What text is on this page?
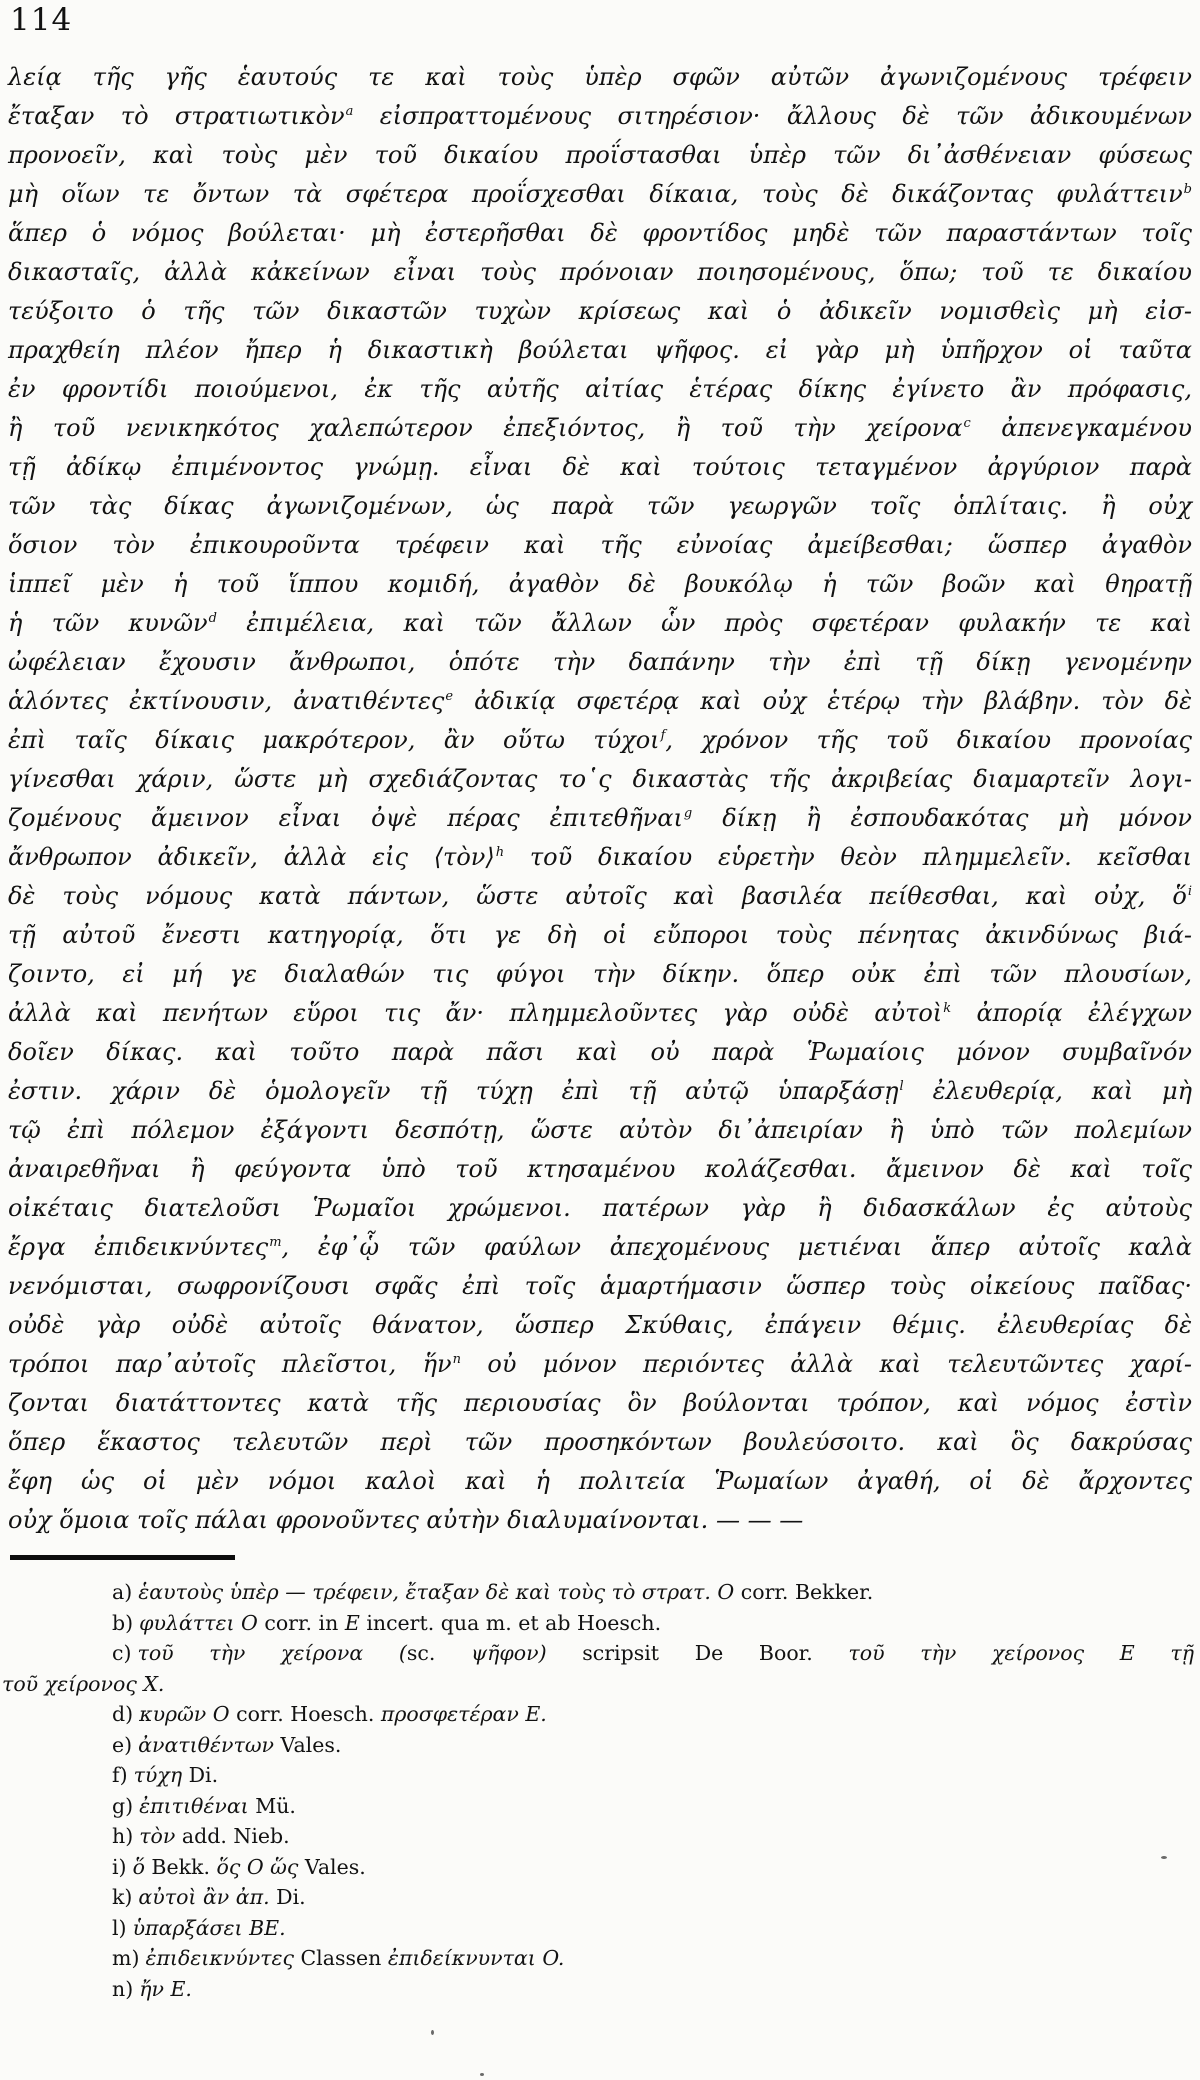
114
λείᾳ τῆς γῆς ἑαυτούς τε καὶ τοὺς ὑπὲρ σφῶν αὐτῶν ἀγωνιζομένους τρέφειν
ἔταξαν τὸ στρατιωτικὸν$^a$ εἰσπραττομένους σιτηρέσιον· ἄλλους δὲ τῶν ἀδικουμένων
προνοεῖν, καὶ τοὺς μὲν τοῦ δικαίου προΐστασθαι ὑπὲρ τῶν δι᾽ἀσθένειαν φύσεως
μὴ οἵων τε ὄντων τὰ σφέτερα προΐσχεσθαι δίκαια, τοὺς δὲ δικάζοντας φυλάττειν$^b$
ἅπερ ὁ νόμος βούλεται· μὴ ἐστερῆσθαι δὲ φροντίδος μηδὲ τῶν παραστάντων τοῖς
δικασταῖς, ἀλλὰ κἀκείνων εἶναι τοὺς πρόνοιαν ποιησομένους, ὅπω; τοῦ τε δικαίου
τεύξοιτο ὁ τῆς τῶν δικαστῶν τυχὼν κρίσεως καὶ ὁ ἀδικεῖν νομισθεὶς μὴ εἰσ-
πραχθείη πλέον ἤπερ ἡ δικαστικὴ βούλεται ψῆφος. εἰ γὰρ μὴ ὑπῆρχον οἱ ταῦτα
ἐν φροντίδι ποιούμενοι, ἐκ τῆς αὐτῆς αἰτίας ἑτέρας δίκης ἐγίνετο ἂν πρόφασις,
ἢ τοῦ νενικηκότος χαλεπώτερον ἐπεξιόντος, ἢ τοῦ τὴν χείρονα$^c$ ἀπενεγκαμένου
τῇ ἀδίκῳ ἐπιμένοντος γνώμῃ. εἶναι δὲ καὶ τούτοις τεταγμένον ἀργύριον παρὰ
τῶν τὰς δίκας ἀγωνιζομένων, ὡς παρὰ τῶν γεωργῶν τοῖς ὁπλίταις. ἢ οὐχ
ὅσιον τὸν ἐπικουροῦντα τρέφειν καὶ τῆς εὐνοίας ἀμείβεσθαι; ὥσπερ ἀγαθὸν
ἱππεῖ μὲν ἡ τοῦ ἵππου κομιδή, ἀγαθὸν δὲ βουκόλῳ ἡ τῶν βοῶν καὶ θηρατῇ
ἡ τῶν κυνῶν$^d$ ἐπιμέλεια, καὶ τῶν ἄλλων ὧν πρὸς σφετέραν φυλακήν τε καὶ
ὠφέλειαν ἔχουσιν ἄνθρωποι, ὁπότε τὴν δαπάνην τὴν ἐπὶ τῇ δίκῃ γενομένην
ἁλόντες ἐκτίνουσιν, ἀνατιθέντες$^e$ ἀδικίᾳ σφετέρᾳ καὶ οὐχ ἑτέρῳ τὴν βλάβην. τὸν δὲ
ἐπὶ ταῖς δίκαις μακρότερον, ἂν οὕτω τύχοι$^f$, χρόνον τῆς τοῦ δικαίου προνοίας
γίνεσθαι χάριν, ὥστε μὴ σχεδιάζοντας το῾ς δικαστὰς τῆς ἀκριβείας διαμαρτεῖν λογι-
ζομένους ἄμεινον εἶναι ὀψὲ πέρας ἐπιτεθῆναι$^g$ δίκῃ ἢ ἐσπουδακότας μὴ μόνον
ἄνθρωπον ἀδικεῖν, ἀλλὰ εἰς ⟨τὸν⟩$^h$ τοῦ δικαίου εὑρετὴν θεὸν πλημμελεῖν. κεῖσθαι
δὲ τοὺς νόμους κατὰ πάντων, ὥστε αὐτοῖς καὶ βασιλέα πείθεσθαι, καὶ οὐχ, ὅ$^i$
τῇ αὐτοῦ ἔνεστι κατηγορίᾳ, ὅτι γε δὴ οἱ εὔποροι τοὺς πένητας ἀκινδύνως βιά-
ζοιντο, εἰ μή γε διαλαθών τις φύγοι τὴν δίκην. ὅπερ οὐκ ἐπὶ τῶν πλουσίων,
ἀλλὰ καὶ πενήτων εὕροι τις ἄν· πλημμελοῦντες γὰρ οὐδὲ αὐτοὶ$^k$ ἀπορίᾳ ἐλέγχων
δοῖεν δίκας. καὶ τοῦτο παρὰ πᾶσι καὶ οὐ παρὰ Ῥωμαίοις μόνον συμβαῖνόν
ἐστιν. χάριν δὲ ὁμολογεῖν τῇ τύχῃ ἐπὶ τῇ αὐτῷ ὑπαρξάσῃ$^l$ ἐλευθερίᾳ, καὶ μὴ
τῷ ἐπὶ πόλεμον ἐξάγοντι δεσπότῃ, ὥστε αὐτὸν δι᾽ἀπειρίαν ἢ ὑπὸ τῶν πολεμίων
ἀναιρεθῆναι ἢ φεύγοντα ὑπὸ τοῦ κτησαμένου κολάζεσθαι. ἄμεινον δὲ καὶ τοῖς
οἰκέταις διατελοῦσι Ῥωμαῖοι χρώμενοι. πατέρων γὰρ ἢ διδασκάλων ἐς αὐτοὺς
ἔργα ἐπιδεικνύντες$^m$, ἐφ᾽ᾧ τῶν φαύλων ἀπεχομένους μετιέναι ἅπερ αὐτοῖς καλὰ
νενόμισται, σωφρονίζουσι σφᾶς ἐπὶ τοῖς ἁμαρτήμασιν ὥσπερ τοὺς οἰκείους παῖδας·
οὐδὲ γὰρ οὐδὲ αὐτοῖς θάνατον, ὥσπερ Σκύθαις, ἐπάγειν θέμις. ἐλευθερίας δὲ
τρόποι παρ᾽αὐτοῖς πλεῖστοι, ἥν$^n$ οὐ μόνον περιόντες ἀλλὰ καὶ τελευτῶντες χαρί-
ζονται διατάττοντες κατὰ τῆς περιουσίας ὃν βούλονται τρόπον, καὶ νόμος ἐστὶν
ὅπερ ἕκαστος τελευτῶν περὶ τῶν προσηκόντων βουλεύσοιτο. καὶ ὃς δακρύσας
ἔφη ὡς οἱ μὲν νόμοι καλοὶ καὶ ἡ πολιτεία Ῥωμαίων ἀγαθή, οἱ δὲ ἄρχοντες
οὐχ ὅμοια τοῖς πάλαι φρονοῦντες αὐτὴν διαλυμαίνονται. — — —
a) ἑαυτοὺς ὑπὲρ — τρέφειν, ἔταξαν δὲ καὶ τοὺς τὸ στρατ. O corr. Bekker.
b) φυλάττει O corr. in E incert. qua m. et ab Hoesch.
c) τοῦ τὴν χείρονα (sc. ψῆφον) scripsit De Boor. τοῦ τὴν χείρονος E τῇ
τοῦ χείρονος X.
d) κυρῶν O corr. Hoesch. προσφετέραν E.
e) ἀνατιθέντων Vales.
f) τύχη Di.
g) ἐπιτιθέναι Mü.
h) τὸν add. Nieb.
i) ὅ Bekk. ὅς O ὥς Vales.
k) αὐτοὶ ἂν ἀπ. Di.
l) ὑπαρξάσει BE.
m) ἐπιδεικνύντες Classen ἐπιδείκνυνται O.
n) ἤν E.
